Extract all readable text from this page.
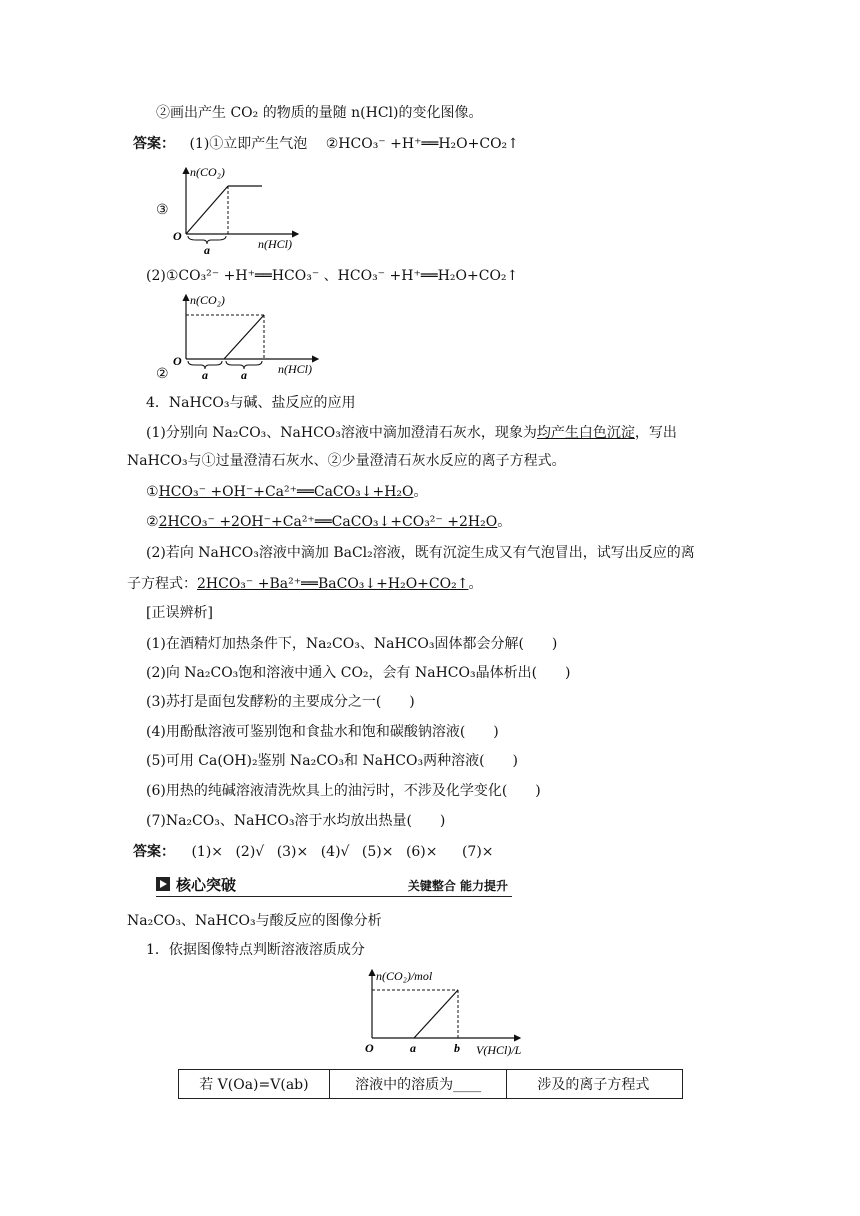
②画出产生 CO₂ 的物质的量随 n(HCl)的变化图像。
答案： (1)①立即产生气泡 ②HCO₃⁻ +H⁺══H₂O+CO₂↑
③
n(CO₂)
O
a	n(HCl)
(2)①CO₃²⁻ +H⁺══HCO₃⁻ 、HCO₃⁻ +H⁺══H₂O+CO₂↑
n(CO₂)
O
a	a	n(HCl)
②
4．NaHCO₃与碱、盐反应的应用
(1)分别向 Na₂CO₃、NaHCO₃溶液中滴加澄清石灰水，现象为均产生白色沉淀，写出
NaHCO₃与①过量澄清石灰水、②少量澄清石灰水反应的离子方程式。
①HCO₃⁻ +OH⁻+Ca²⁺══CaCO₃↓+H₂O。
②2HCO₃⁻ +2OH⁻+Ca²⁺══CaCO₃↓+CO₃²⁻ +2H₂O。
(2)若向 NaHCO₃溶液中滴加 BaCl₂溶液，既有沉淀生成又有气泡冒出，试写出反应的离
子方程式：2HCO₃⁻ +Ba²⁺══BaCO₃↓+H₂O+CO₂↑。
[正误辨析]
(1)在酒精灯加热条件下，Na₂CO₃、NaHCO₃固体都会分解(　　)
(2)向 Na₂CO₃饱和溶液中通入 CO₂，会有 NaHCO₃晶体析出(　　)
(3)苏打是面包发酵粉的主要成分之一(　　)
(4)用酚酞溶液可鉴别饱和食盐水和饱和碳酸钠溶液(　　)
(5)可用 Ca(OH)₂鉴别 Na₂CO₃和 NaHCO₃两种溶液(　　)
(6)用热的纯碱溶液清洗炊具上的油污时，不涉及化学变化(　　)
(7)Na₂CO₃、NaHCO₃溶于水均放出热量(　　)
答案： (1)× (2)√ (3)× (4)√ (5)× (6)× (7)×
核心突破	关键整合 能力提升
Na₂CO₃、NaHCO₃与酸反应的图像分析
1．依据图像特点判断溶液溶质成分
n(CO₂)/mol
O	a	b V(HCl)/L
若 V(Oa)=V(ab)	溶液中的溶质为____	涉及的离子方程式
